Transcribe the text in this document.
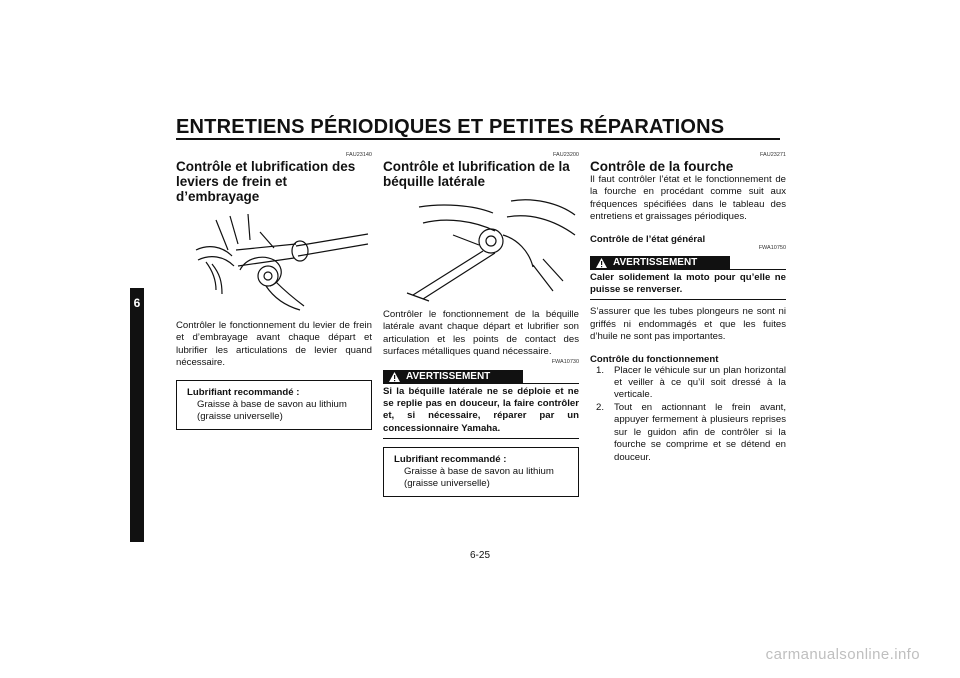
ENTRETIENS PÉRIODIQUES ET PETITES RÉPARATIONS
6
FAU23140
Contrôle et lubrification des leviers de frein et d’embrayage
Contrôler le fonctionnement du levier de frein et d’embrayage avant chaque départ et lubrifier les articulations de levier quand nécessaire.
Lubrifiant recommandé :
Graisse à base de savon au lithium (graisse universelle)
FAU23200
Contrôle et lubrification de la béquille latérale
Contrôler le fonctionnement de la béquille latérale avant chaque départ et lubrifier son articulation et les points de contact des surfaces métalliques quand nécessaire.
FWA10730
AVERTISSEMENT
Si la béquille latérale ne se déploie et ne se replie pas en douceur, la faire contrôler et, si nécessaire, réparer par un concessionnaire Yamaha.
Lubrifiant recommandé :
Graisse à base de savon au lithium (graisse universelle)
FAU23271
Contrôle de la fourche
Il faut contrôler l’état et le fonctionnement de la fourche en procédant comme suit aux fréquences spécifiées dans le tableau des entretiens et graissages périodiques.
Contrôle de l’état général
FWA10750
AVERTISSEMENT
Caler solidement la moto pour qu’elle ne puisse se renverser.
S’assurer que les tubes plongeurs ne sont ni griffés ni endommagés et que les fuites d’huile ne sont pas importantes.
Contrôle du fonctionnement
1.	Placer le véhicule sur un plan horizontal et veiller à ce qu’il soit dressé à la verticale.
2.	Tout en actionnant le frein avant, appuyer fermement à plusieurs reprises sur le guidon afin de contrôler si la fourche se comprime et se détend en douceur.
6-25
carmanualsonline.info
